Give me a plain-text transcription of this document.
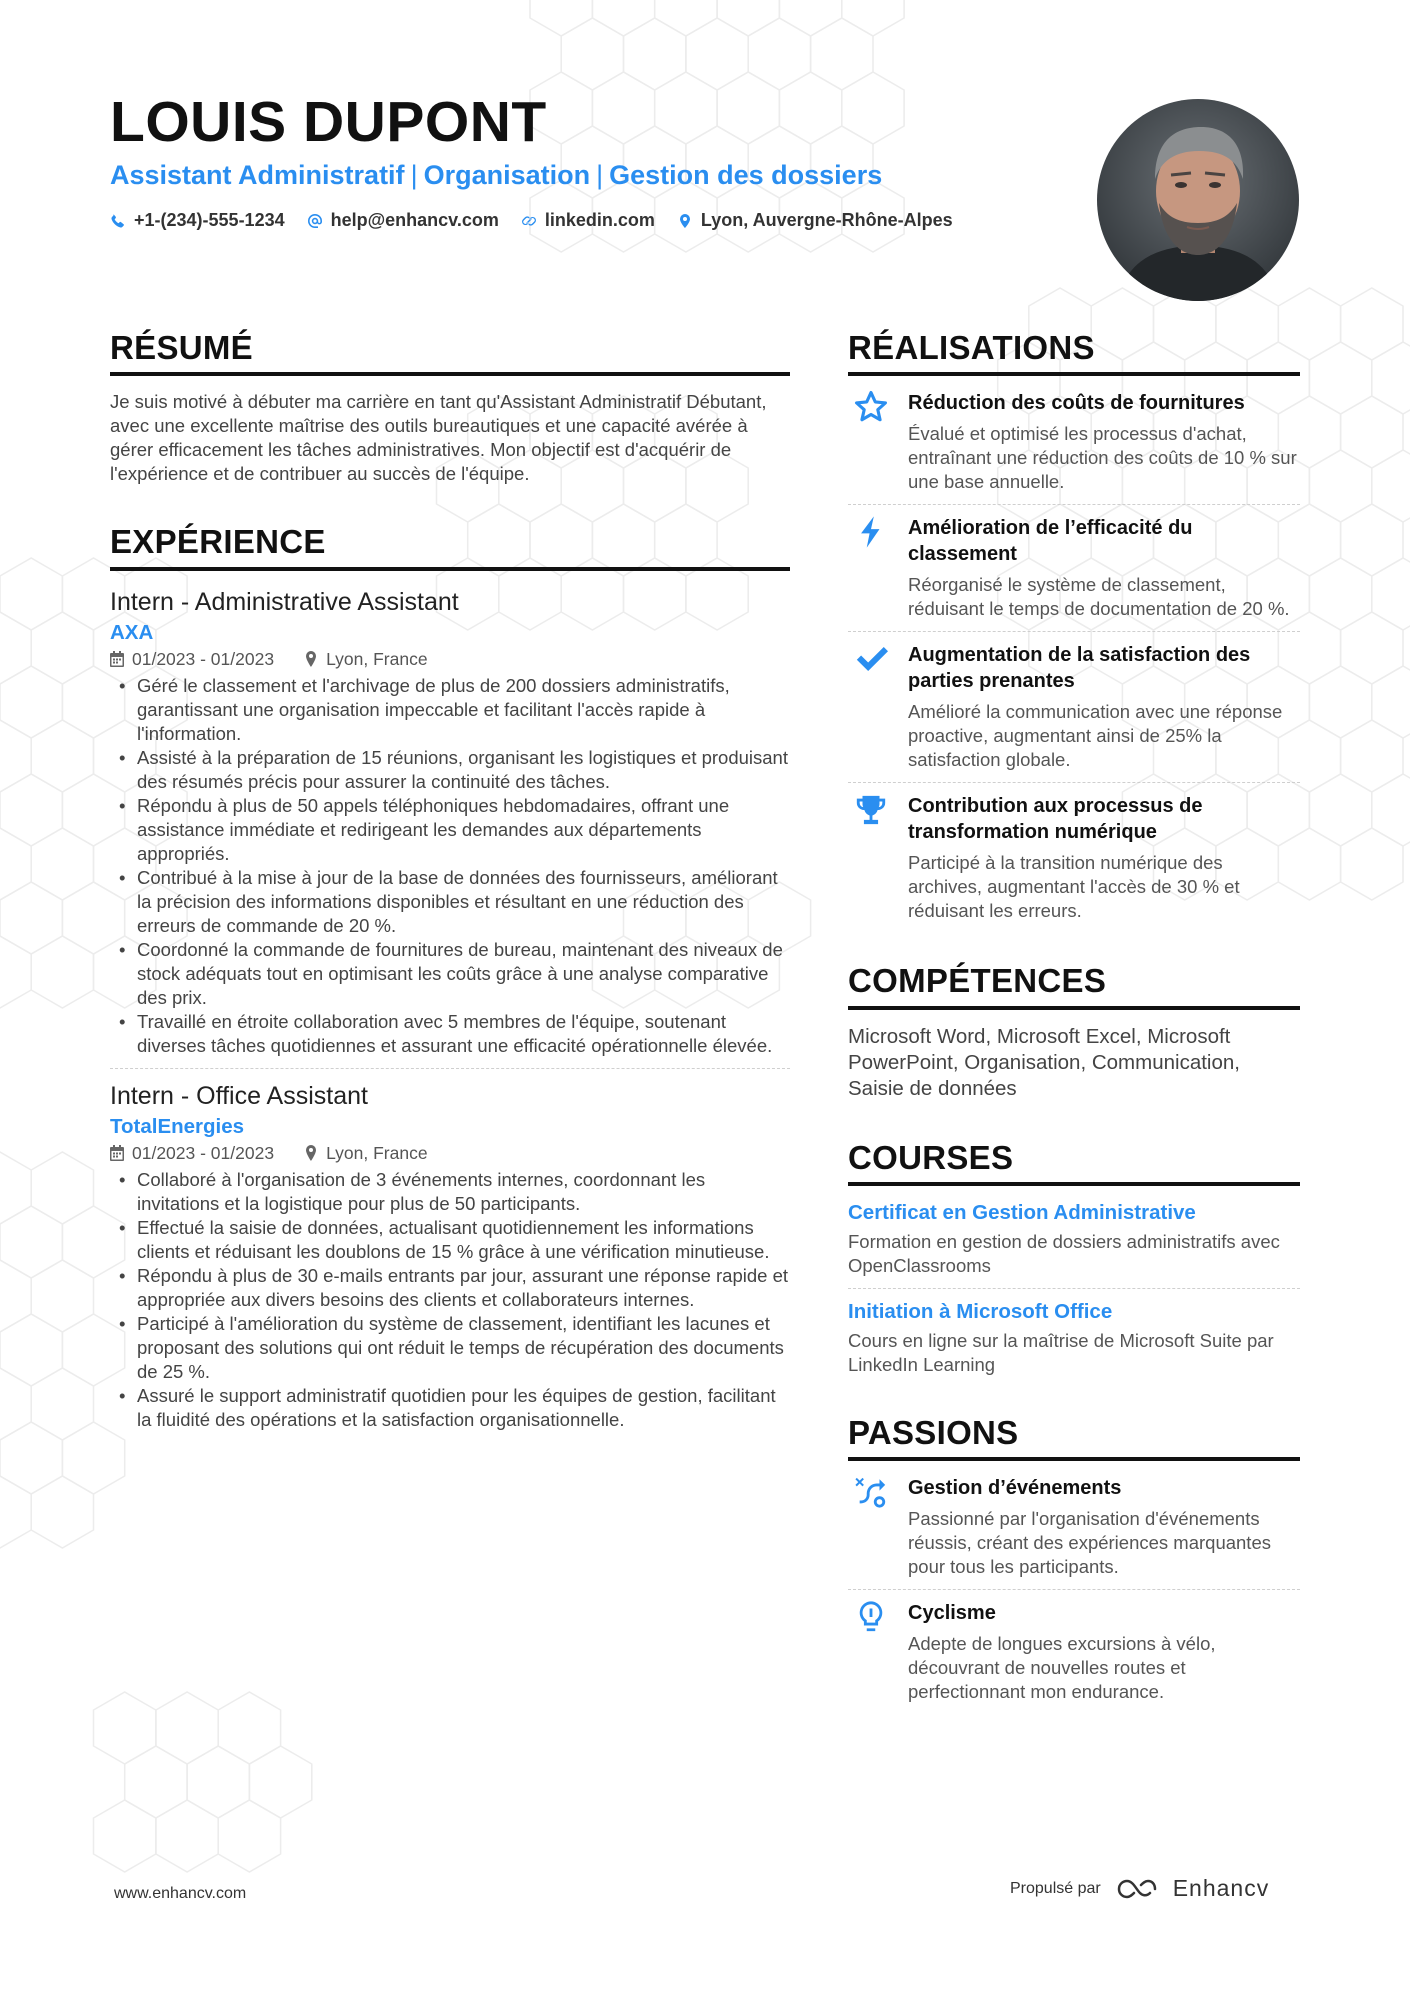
LOUIS DUPONT
Assistant Administratif | Organisation | Gestion des dossiers
+1-(234)-555-1234	help@enhancv.com	linkedin.com	Lyon, Auvergne-Rhône-Alpes
RÉSUMÉ

Je suis motivé à débuter ma carrière en tant qu'Assistant Administratif Débutant, avec une excellente maîtrise des outils bureautiques et une capacité avérée à gérer efficacement les tâches administratives. Mon objectif est d'acquérir de l'expérience et de contribuer au succès de l'équipe.

EXPÉRIENCE
Intern - Administrative Assistant
AXA
01/2023 - 01/2023	Lyon, France
• Géré le classement et l'archivage de plus de 200 dossiers administratifs, garantissant une organisation impeccable et facilitant l'accès rapide à l'information.
• Assisté à la préparation de 15 réunions, organisant les logistiques et produisant des résumés précis pour assurer la continuité des tâches.
• Répondu à plus de 50 appels téléphoniques hebdomadaires, offrant une assistance immédiate et redirigeant les demandes aux départements appropriés.
• Contribué à la mise à jour de la base de données des fournisseurs, améliorant la précision des informations disponibles et résultant en une réduction des erreurs de commande de 20 %.
• Coordonné la commande de fournitures de bureau, maintenant des niveaux de stock adéquats tout en optimisant les coûts grâce à une analyse comparative des prix.
• Travaillé en étroite collaboration avec 5 membres de l'équipe, soutenant diverses tâches quotidiennes et assurant une efficacité opérationnelle élevée.
Intern - Office Assistant
TotalEnergies
01/2023 - 01/2023	Lyon, France
• Collaboré à l'organisation de 3 événements internes, coordonnant les invitations et la logistique pour plus de 50 participants.
• Effectué la saisie de données, actualisant quotidiennement les informations clients et réduisant les doublons de 15 % grâce à une vérification minutieuse.
• Répondu à plus de 30 e-mails entrants par jour, assurant une réponse rapide et appropriée aux divers besoins des clients et collaborateurs internes.
• Participé à l'amélioration du système de classement, identifiant les lacunes et proposant des solutions qui ont réduit le temps de récupération des documents de 25 %.
• Assuré le support administratif quotidien pour les équipes de gestion, facilitant la fluidité des opérations et la satisfaction organisationnelle.
RÉALISATIONS
Réduction des coûts de fournitures
Évalué et optimisé les processus d'achat, entraînant une réduction des coûts de 10 % sur une base annuelle.
Amélioration de l’efficacité du classement
Réorganisé le système de classement, réduisant le temps de documentation de 20 %.
Augmentation de la satisfaction des parties prenantes
Amélioré la communication avec une réponse proactive, augmentant ainsi de 25% la satisfaction globale.
Contribution aux processus de transformation numérique
Participé à la transition numérique des archives, augmentant l'accès de 30 % et réduisant les erreurs.
COMPÉTENCES

Microsoft Word, Microsoft Excel, Microsoft PowerPoint, Organisation, Communication, Saisie de données

COURSES
Certificat en Gestion Administrative
Formation en gestion de dossiers administratifs avec OpenClassrooms
Initiation à Microsoft Office
Cours en ligne sur la maîtrise de Microsoft Suite par LinkedIn Learning
PASSIONS
Gestion d’événements
Passionné par l'organisation d'événements réussis, créant des expériences marquantes pour tous les participants.
Cyclisme
Adepte de longues excursions à vélo, découvrant de nouvelles routes et perfectionnant mon endurance.
www.enhancv.com	Propulsé par	Enhancv
